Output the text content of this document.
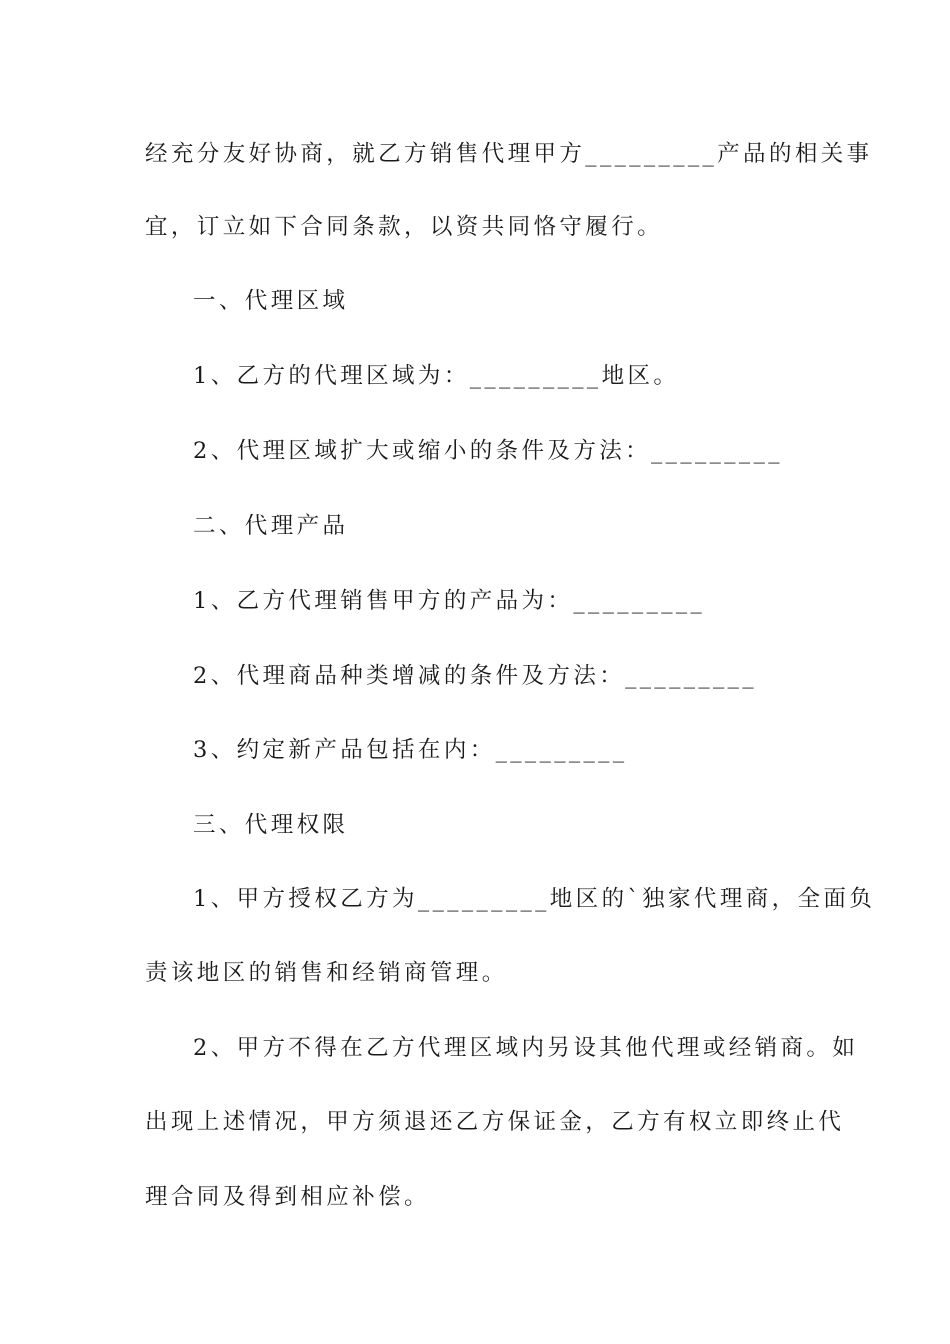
经充分友好协商，就乙方销售代理甲方_________产品的相关事
宜，订立如下合同条款，以资共同恪守履行。
一、代理区域
1、乙方的代理区域为：_________地区。
2、代理区域扩大或缩小的条件及方法：_________
二、代理产品
1、乙方代理销售甲方的产品为：_________
2、代理商品种类增减的条件及方法：_________
3、约定新产品包括在内：_________
三、代理权限
1、甲方授权乙方为_________地区的`独家代理商，全面负
责该地区的销售和经销商管理。
2、甲方不得在乙方代理区域内另设其他代理或经销商。如
出现上述情况，甲方须退还乙方保证金，乙方有权立即终止代
理合同及得到相应补偿。
